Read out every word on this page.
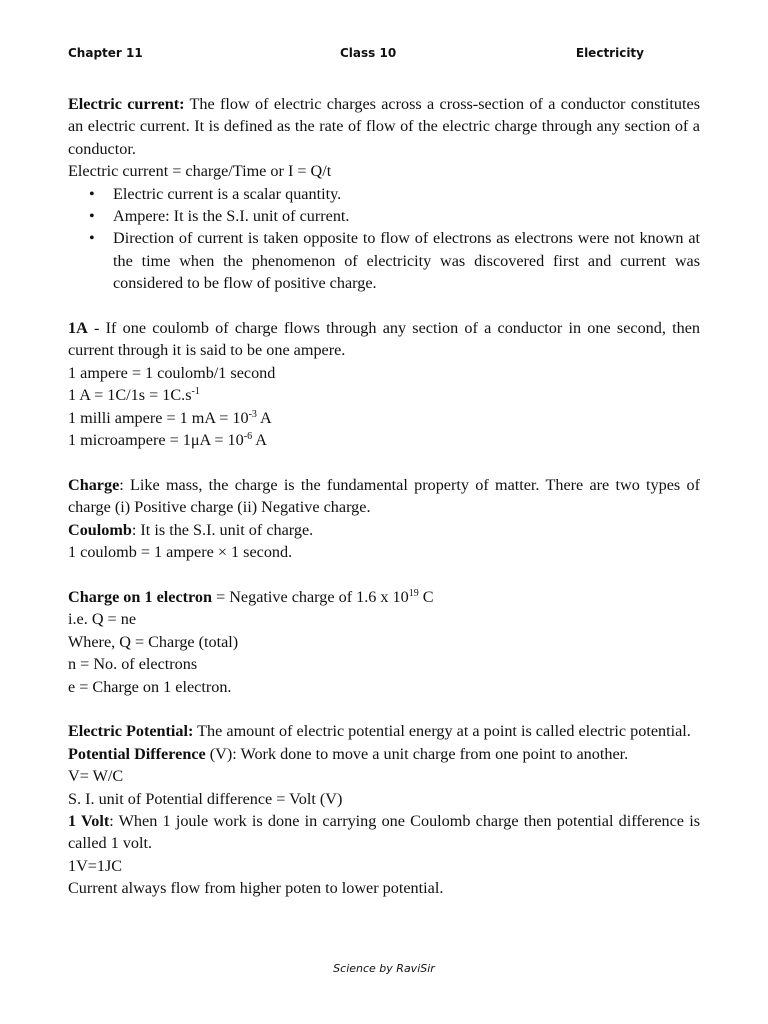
Chapter 11	Class 10	Electricity

Electric current: The flow of electric charges across a cross-section of a conductor constitutes an electric current. It is defined as the rate of flow of the electric charge through any section of a conductor.

Electric current = charge/Time or I = Q/t

• Electric current is a scalar quantity.
• Ampere: It is the S.I. unit of current.
• Direction of current is taken opposite to flow of electrons as electrons were not known at the time when the phenomenon of electricity was discovered first and current was considered to be flow of positive charge.

1A - If one coulomb of charge flows through any section of a conductor in one second, then current through it is said to be one ampere.

1 ampere = 1 coulomb/1 second

1 $A = 1C/1s = 1C.s^{-1}$

1 milli ampere = 1 mA = $10^{-3}$ A

1 microampere = $1\mu A = 10^{-6}$ A

Charge: Like mass, the charge is the fundamental property of matter. There are two types of charge (i) Positive charge (ii) Negative charge.

Coulomb: It is the S.I. unit of charge.

1 coulomb = 1 ampere × 1 second.

Charge on 1 electron = Negative charge of 1.6 x $10^{19}$ C

i.e. Q = ne

Where, Q = Charge (total)

n = No. of electrons

e = Charge on 1 electron.

Electric Potential: The amount of electric potential energy at a point is called electric potential.

Potential Difference (V): Work done to move a unit charge from one point to another.

V= W/C

S. I. unit of Potential difference = Volt (V)

1 Volt: When 1 joule work is done in carrying one Coulomb charge then potential difference is called 1 volt.

1V=1JC

Current always flow from higher poten to lower potential.

Science by RaviSir
